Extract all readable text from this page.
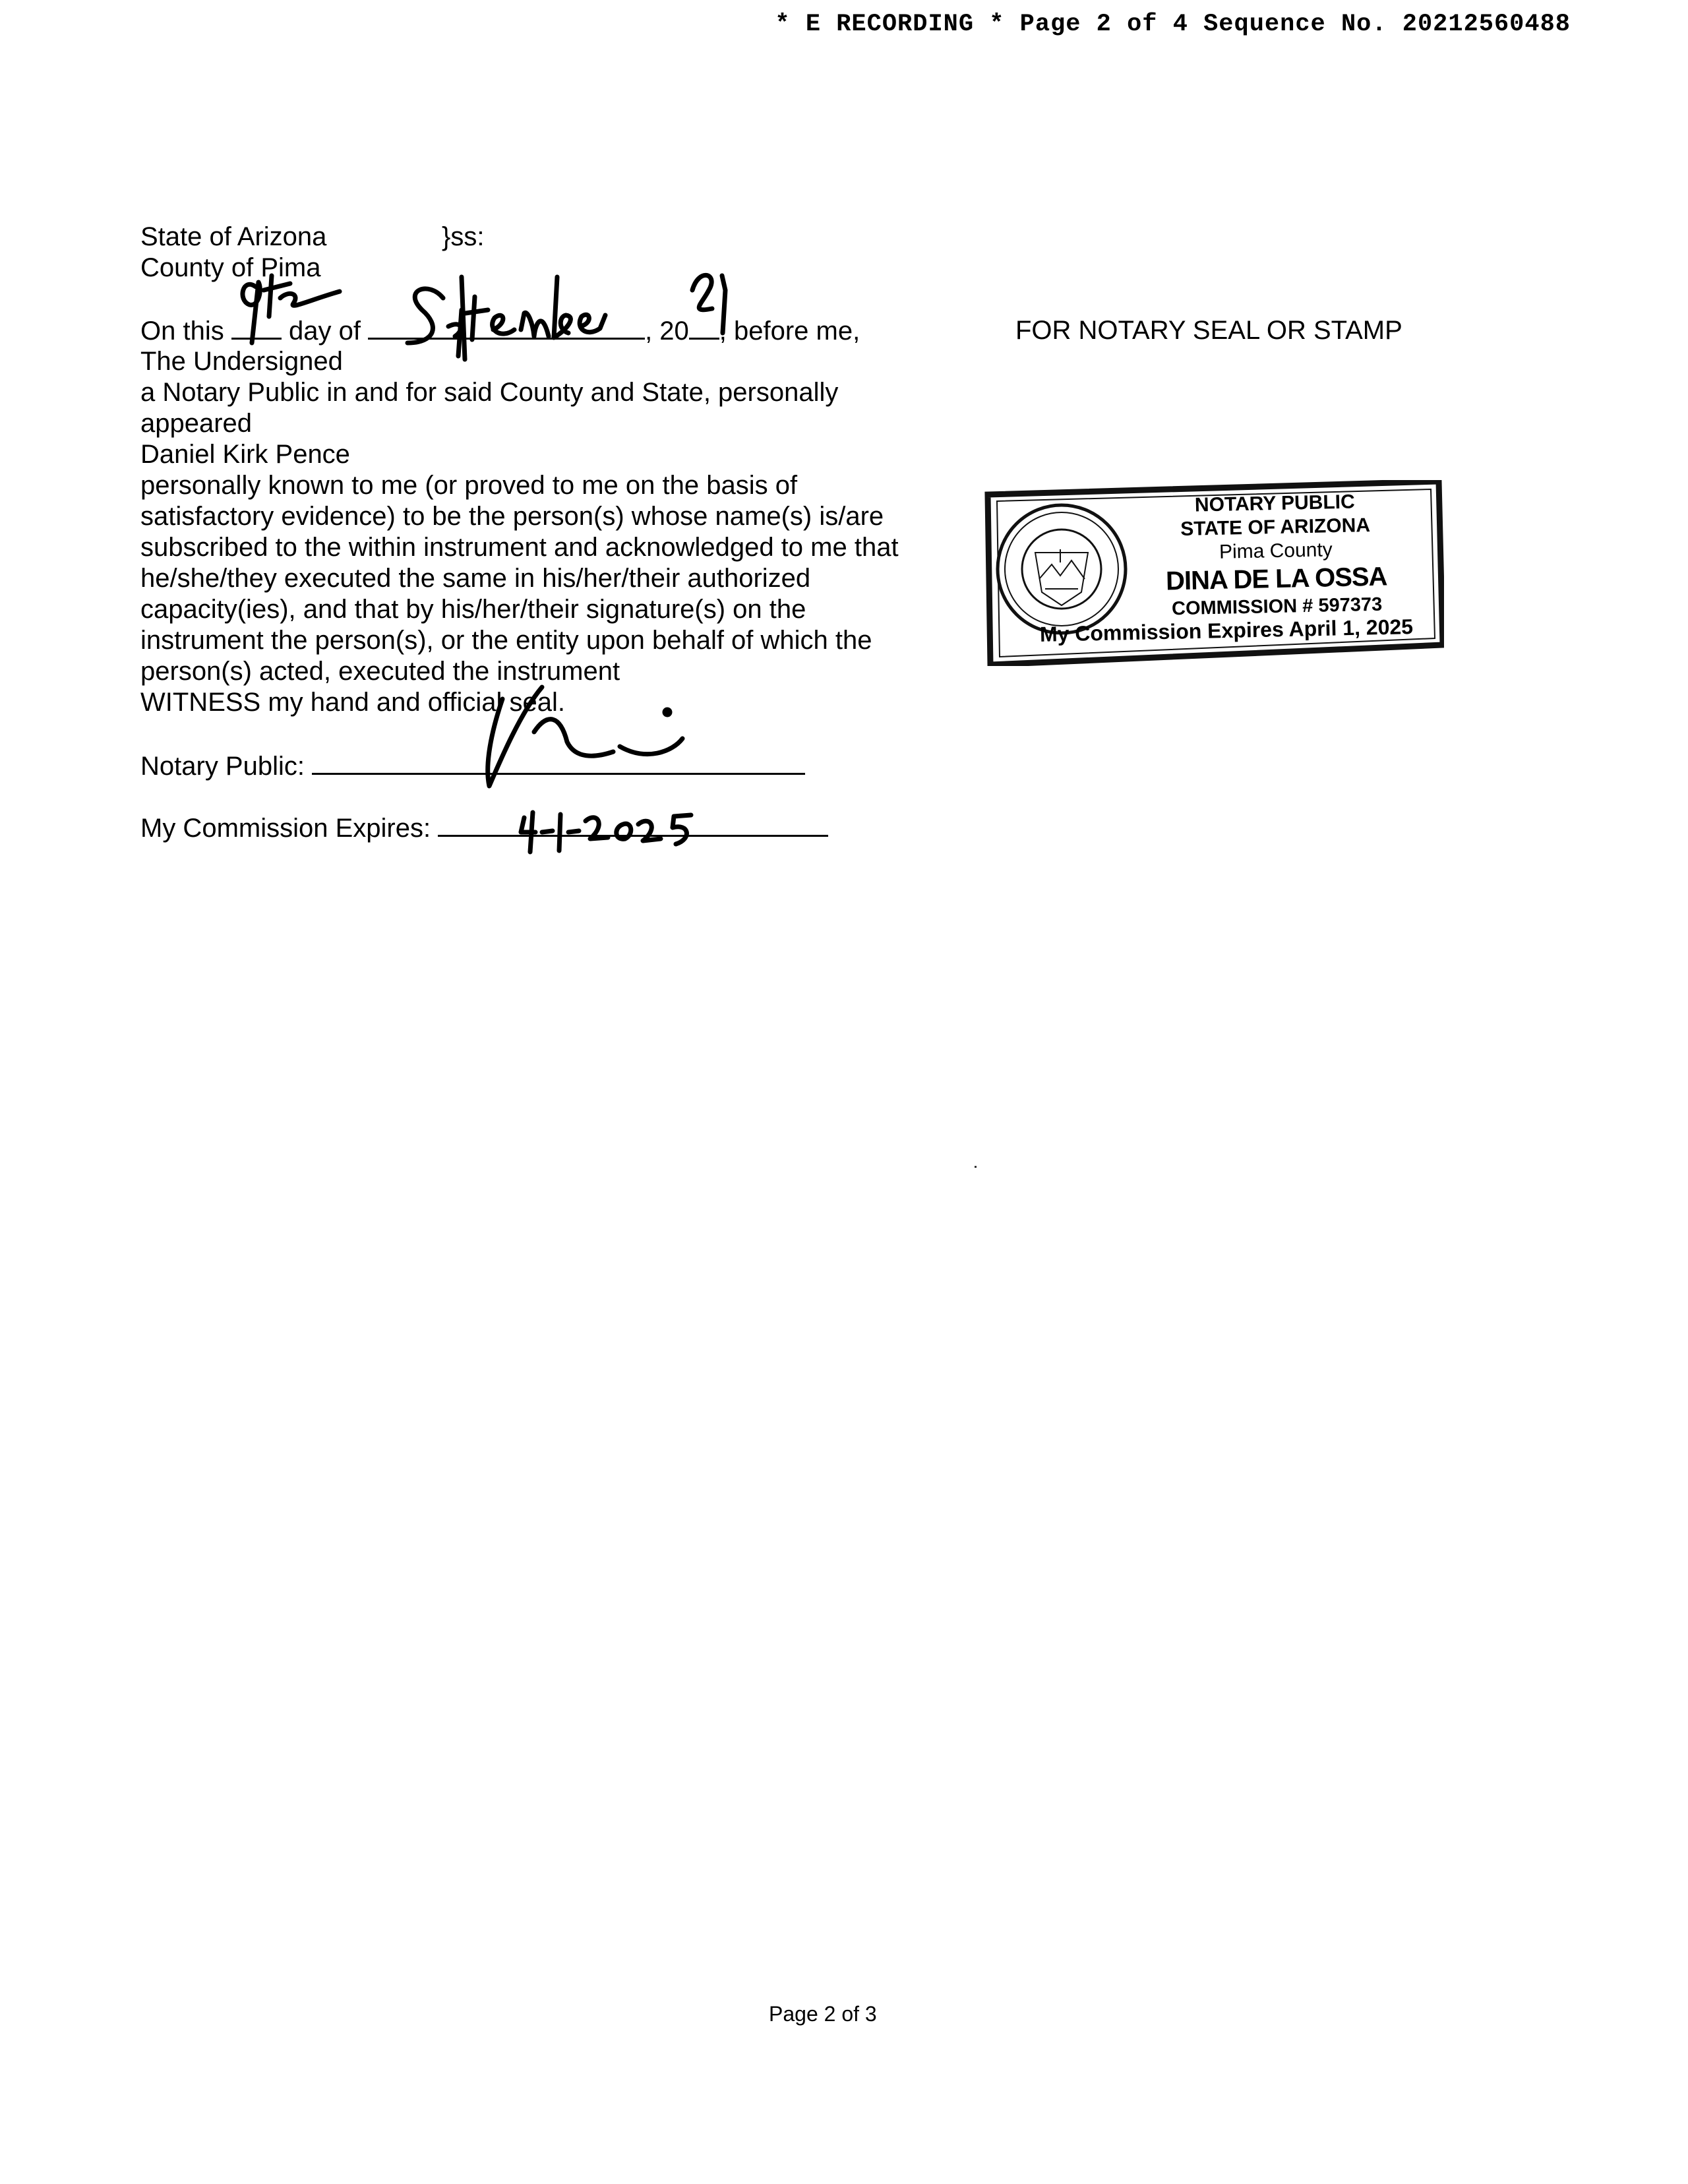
* E RECORDING * Page 2 of 4 Sequence No. 20212560488
State of Arizona	}ss:
County of Pima
On this day of	, 20 , before me,
The Undersigned
a Notary Public in and for said County and State, personally
appeared
Daniel Kirk Pence
personally known to me (or proved to me on the basis of
satisfactory evidence) to be the person(s) whose name(s) is/are
subscribed to the within instrument and acknowledged to me that
he/she/they executed the same in his/her/their authorized
capacity(ies), and that by his/her/their signature(s) on the
instrument the person(s), or the entity upon behalf of which the
person(s) acted, executed the instrument
WITNESS my hand and official seal.
Notary Public:
My Commission Expires:
FOR NOTARY SEAL OR STAMP
NOTARY PUBLIC
STATE OF ARIZONA
Pima County
DINA DE LA OSSA
COMMISSION # 597373
My Commission Expires April 1, 2025
Page 2 of 3
